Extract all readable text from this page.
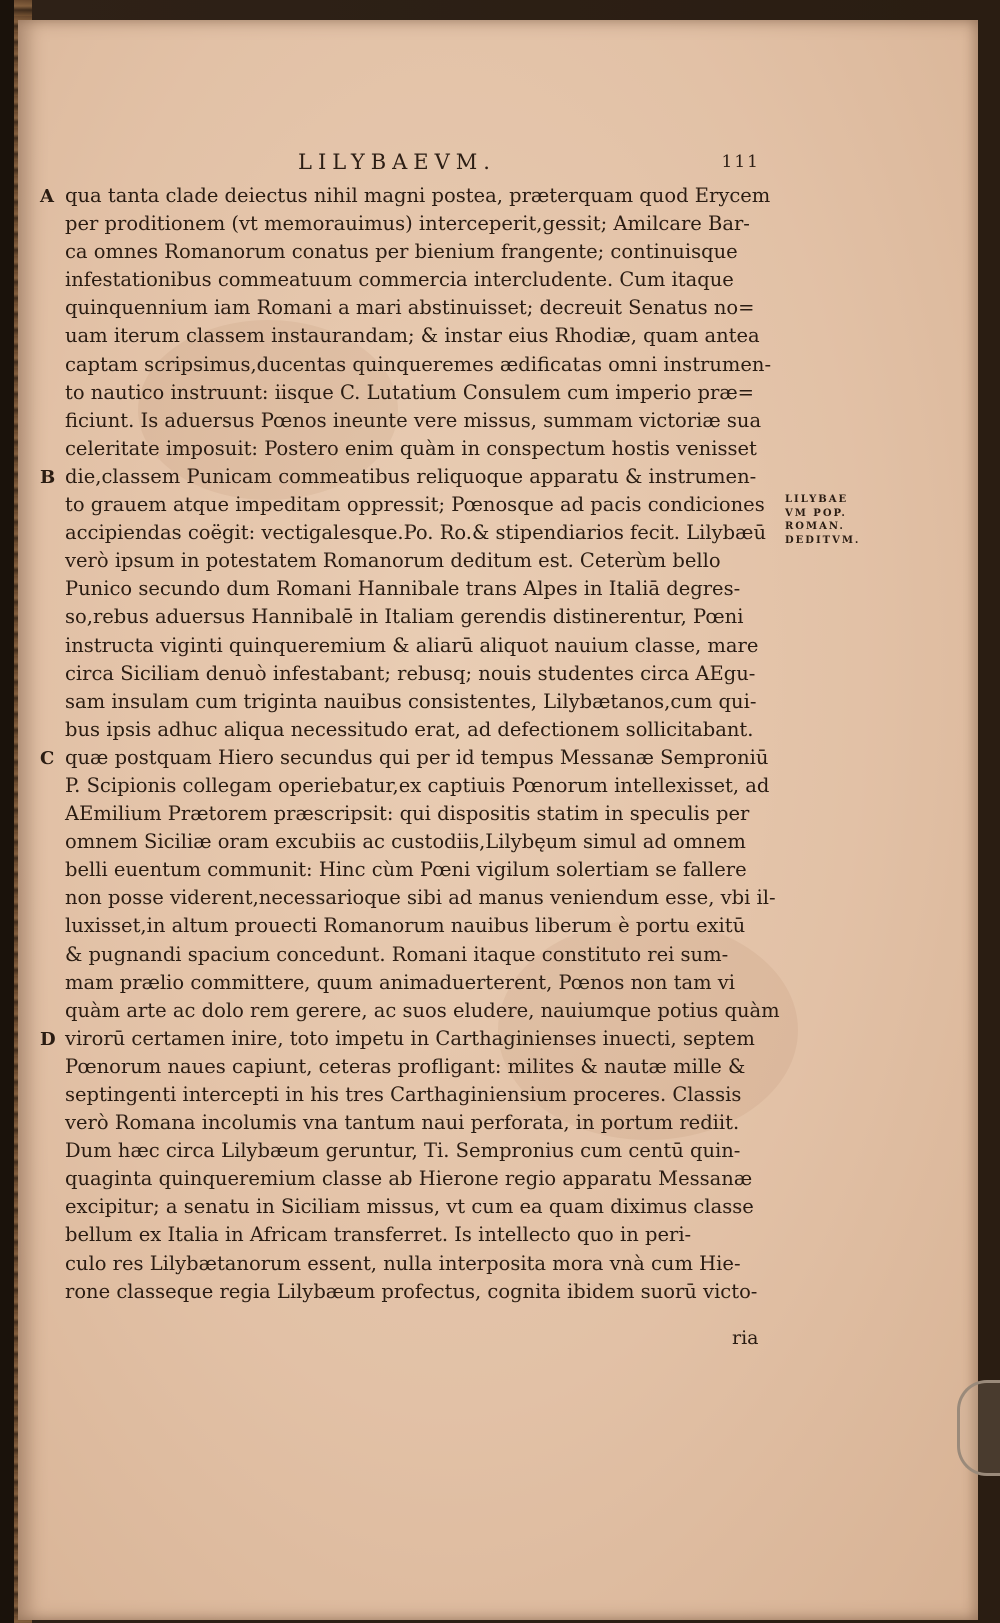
LILYBAEVM.	111
A
B
C
D
qua tanta clade deiectus nihil magni postea, præterquam quod Erycem
per proditionem (vt memorauimus) interceperit,gessit; Amilcare Bar-
ca omnes Romanorum conatus per bienium frangente; continuisque
infestationibus commeatuum commercia intercludente. Cum itaque
quinquennium iam Romani a mari abstinuisset; decreuit Senatus no=
uam iterum classem instaurandam; & instar eius Rhodiæ, quam antea
captam scripsimus,ducentas quinqueremes ædificatas omni instrumen-
to nautico instruunt: iisque C. Lutatium Consulem cum imperio præ=
ficiunt. Is aduersus Pœnos ineunte vere missus, summam victoriæ sua
celeritate imposuit: Postero enim quàm in conspectum hostis venisset
die,classem Punicam commeatibus reliquoque apparatu & instrumen-
to grauem atque impeditam oppressit; Pœnosque ad pacis condiciones
accipiendas coëgit: vectigalesque.Po. Ro.& stipendiarios fecit. Lilybæū
verò ipsum in potestatem Romanorum deditum est. Ceterùm bello
Punico secundo dum Romani Hannibale trans Alpes in Italiā degres-
so,rebus aduersus Hannibalē in Italiam gerendis distinerentur, Pœni
instructa viginti quinqueremium & aliarū aliquot nauium classe, mare
circa Siciliam denuò infestabant; rebusq; nouis studentes circa AEgu-
sam insulam cum triginta nauibus consistentes, Lilybætanos,cum qui-
bus ipsis adhuc aliqua necessitudo erat, ad defectionem sollicitabant.
quæ postquam Hiero secundus qui per id tempus Messanæ Semproniū
P. Scipionis collegam operiebatur,ex captiuis Pœnorum intellexisset, ad
AEmilium Prætorem præscripsit: qui dispositis statim in speculis per
omnem Siciliæ oram excubiis ac custodiis,Lilybęum simul ad omnem
belli euentum communit: Hinc cùm Pœni vigilum solertiam se fallere
non posse viderent,necessarioque sibi ad manus veniendum esse, vbi il-
luxisset,in altum prouecti Romanorum nauibus liberum è portu exitū
& pugnandi spacium concedunt. Romani itaque constituto rei sum-
mam prælio committere, quum animaduerterent, Pœnos non tam vi
quàm arte ac dolo rem gerere, ac suos eludere, nauiumque potius quàm
virorū certamen inire, toto impetu in Carthaginienses inuecti, septem
Pœnorum naues capiunt, ceteras profligant: milites & nautæ mille &
septingenti intercepti in his tres Carthaginiensium proceres. Classis
verò Romana incolumis vna tantum naui perforata, in portum rediit.
Dum hæc circa Lilybæum geruntur, Ti. Sempronius cum centū quin-
quaginta quinqueremium classe ab Hierone regio apparatu Messanæ
excipitur; a senatu in Siciliam missus, vt cum ea quam diximus classe
bellum ex Italia in Africam transferret. Is intellecto quo in peri-
culo res Lilybætanorum essent, nulla interposita mora vnà cum Hie-
rone classeque regia Lilybæum profectus, cognita ibidem suorū victo-
LILYBAE
VM POP.
ROMAN.
DEDITVM.
ria
